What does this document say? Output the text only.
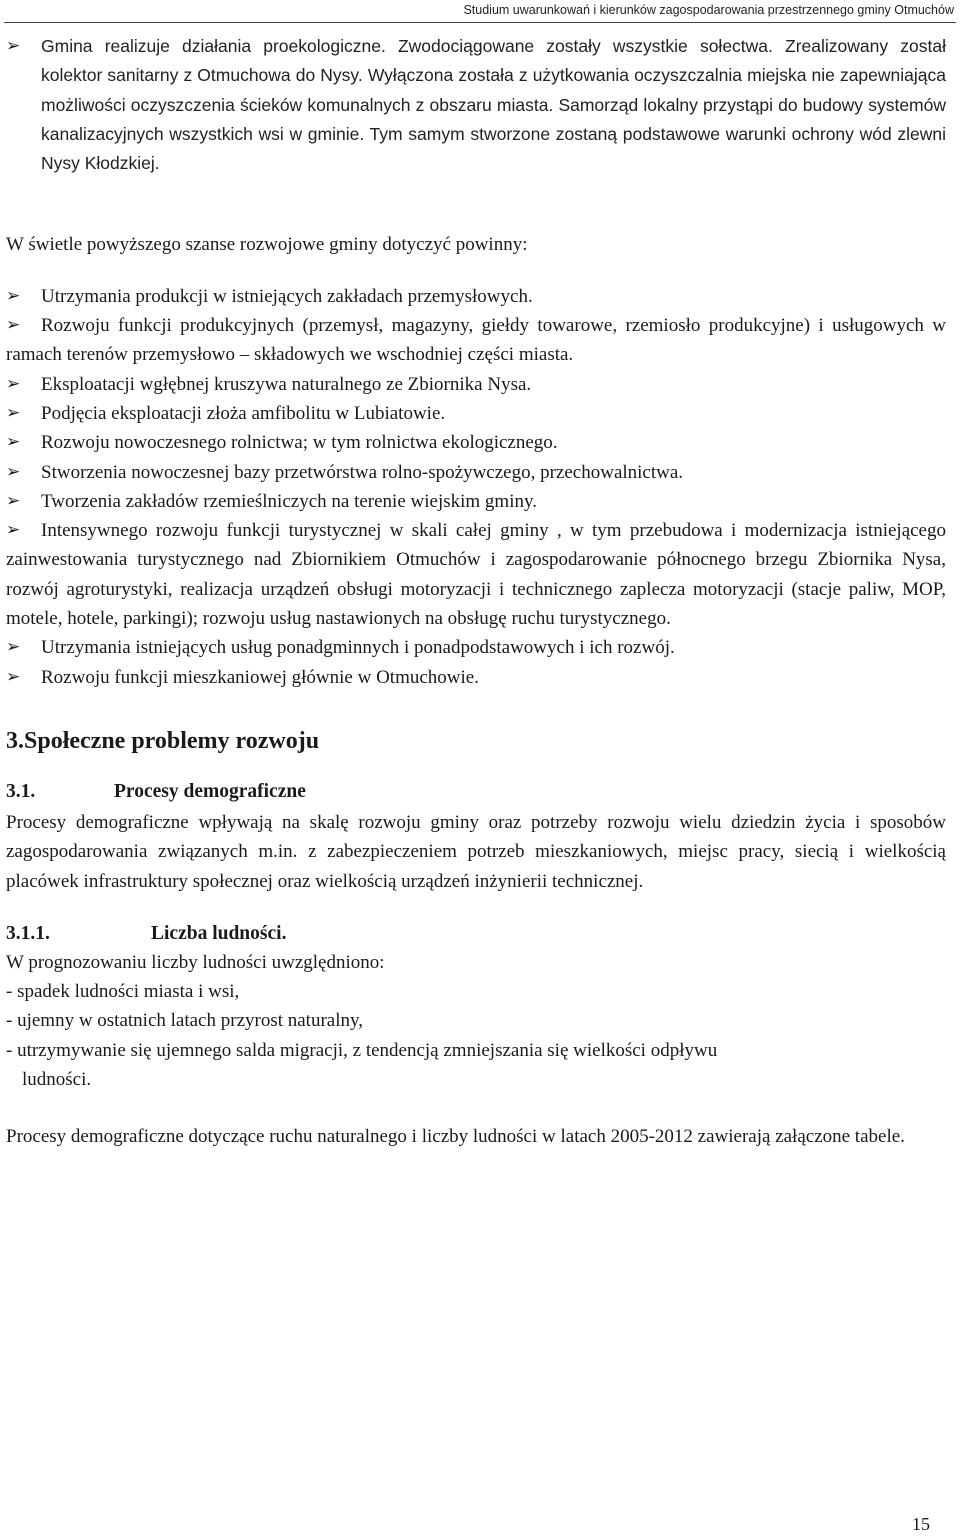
Studium uwarunkowań i kierunków zagospodarowania przestrzennego gminy Otmuchów

➢ Gmina realizuje działania proekologiczne. Zwodociągowane zostały wszystkie sołectwa. Zrealizowany został kolektor sanitarny z Otmuchowa do Nysy. Wyłączona została z użytkowania oczyszczalnia miejska nie zapewniająca możliwości oczyszczenia ścieków komunalnych z obszaru miasta. Samorząd lokalny przystąpi do budowy systemów kanalizacyjnych wszystkich wsi w gminie. Tym samym stworzone zostaną podstawowe warunki ochrony wód zlewni Nysy Kłodzkiej.

W świetle powyższego szanse rozwojowe gminy dotyczyć powinny:

➢ Utrzymania produkcji w istniejących zakładach przemysłowych.

➢ Rozwoju funkcji produkcyjnych (przemysł, magazyny, giełdy towarowe, rzemiosło produkcyjne) i usługowych w ramach terenów przemysłowo – składowych we wschodniej części miasta.

➢ Eksploatacji wgłębnej kruszywa naturalnego ze Zbiornika Nysa.

➢ Podjęcia eksploatacji złoża amfibolitu w Lubiatowie.

➢ Rozwoju nowoczesnego rolnictwa; w tym rolnictwa ekologicznego.

➢ Stworzenia nowoczesnej bazy przetwórstwa rolno-spożywczego, przechowalnictwa.

➢ Tworzenia zakładów rzemieślniczych na terenie wiejskim gminy.

➢ Intensywnego rozwoju funkcji turystycznej w skali całej gminy , w tym przebudowa i modernizacja istniejącego zainwestowania turystycznego nad Zbiornikiem Otmuchów i zagospodarowanie północnego brzegu Zbiornika Nysa, rozwój agroturystyki, realizacja urządzeń obsługi motoryzacji i technicznego zaplecza motoryzacji (stacje paliw, MOP, motele, hotele, parkingi); rozwoju usług nastawionych na obsługę ruchu turystycznego.

➢ Utrzymania istniejących usług ponadgminnych i ponadpodstawowych i ich rozwój.

➢ Rozwoju funkcji mieszkaniowej głównie w Otmuchowie.

3.Społeczne problemy rozwoju
3.1.	Procesy demograficzne

Procesy demograficzne wpływają na skalę rozwoju gminy oraz potrzeby rozwoju wielu dziedzin życia i sposobów zagospodarowania związanych m.in. z zabezpieczeniem potrzeb mieszkaniowych, miejsc pracy, siecią i wielkością placówek infrastruktury społecznej oraz wielkością urządzeń inżynierii technicznej.

3.1.1.	Liczba ludności.

W prognozowaniu liczby ludności uwzględniono:

- spadek ludności miasta i wsi,

- ujemny w ostatnich latach przyrost naturalny,

- utrzymywanie się ujemnego salda migracji, z tendencją zmniejszania się wielkości odpływu
ludności.

Procesy demograficzne dotyczące ruchu naturalnego i liczby ludności w latach 2005-2012 zawierają załączone tabele.

15
